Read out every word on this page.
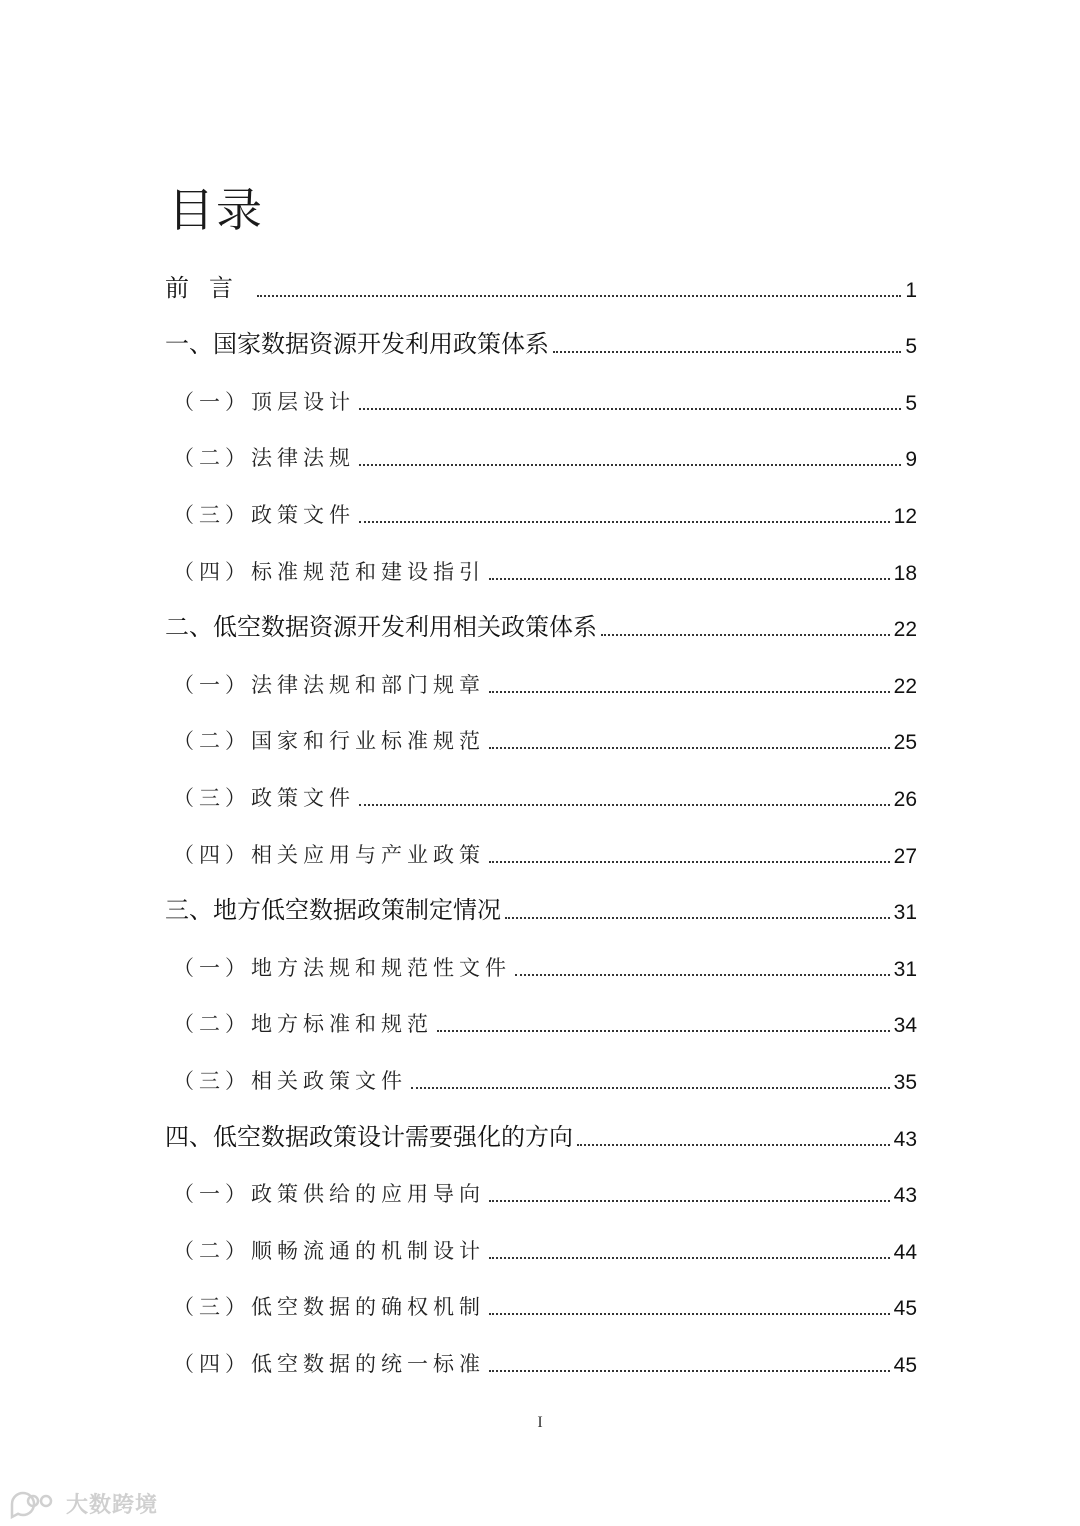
目录
前言	1
一、国家数据资源开发利用政策体系	5
（一）顶层设计	5
（二）法律法规	9
（三）政策文件	12
（四）标准规范和建设指引	18
二、低空数据资源开发利用相关政策体系	22
（一）法律法规和部门规章	22
（二）国家和行业标准规范	25
（三）政策文件	26
（四）相关应用与产业政策	27
三、地方低空数据政策制定情况	31
（一）地方法规和规范性文件	31
（二）地方标准和规范	34
（三）相关政策文件	35
四、低空数据政策设计需要强化的方向	43
（一）政策供给的应用导向	43
（二）顺畅流通的机制设计	44
（三）低空数据的确权机制	45
（四）低空数据的统一标准	45
I
大数跨境
